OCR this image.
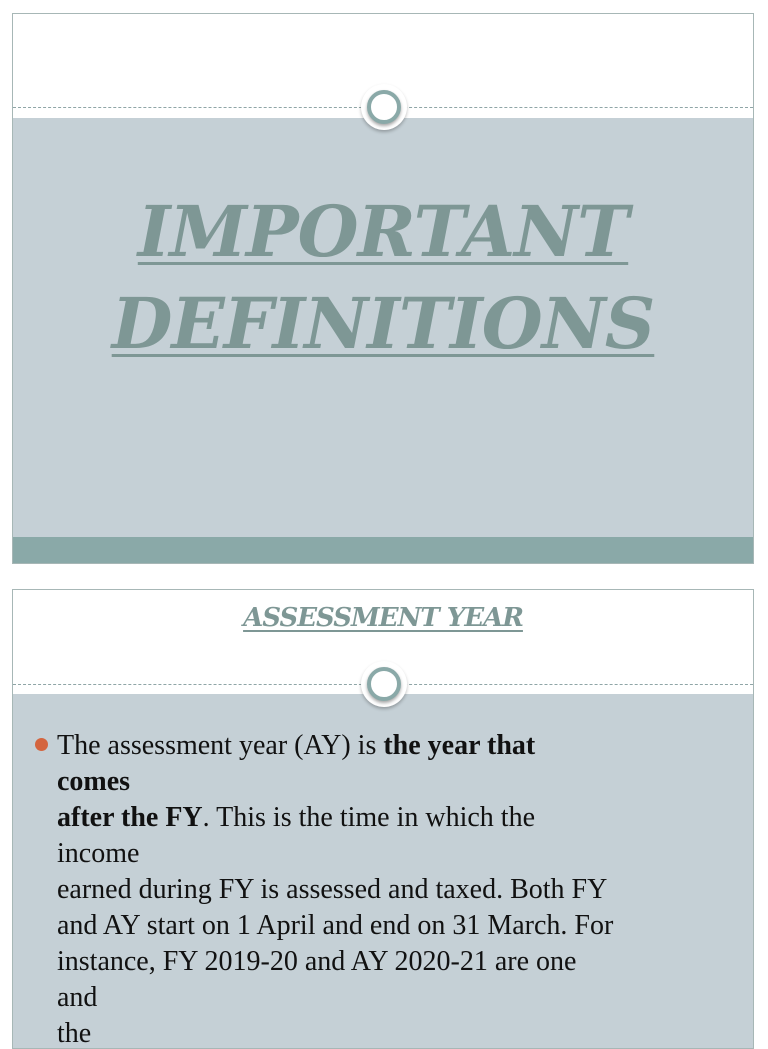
IMPORTANT
DEFINITIONS
ASSESSMENT YEAR
The assessment year (AY) is the year that
comes
after the FY. This is the time in which the
income
earned during FY is assessed and taxed. Both FY
and AY start on 1 April and end on 31 March. For
instance, FY 2019-20 and AY 2020-21 are one
and
the
